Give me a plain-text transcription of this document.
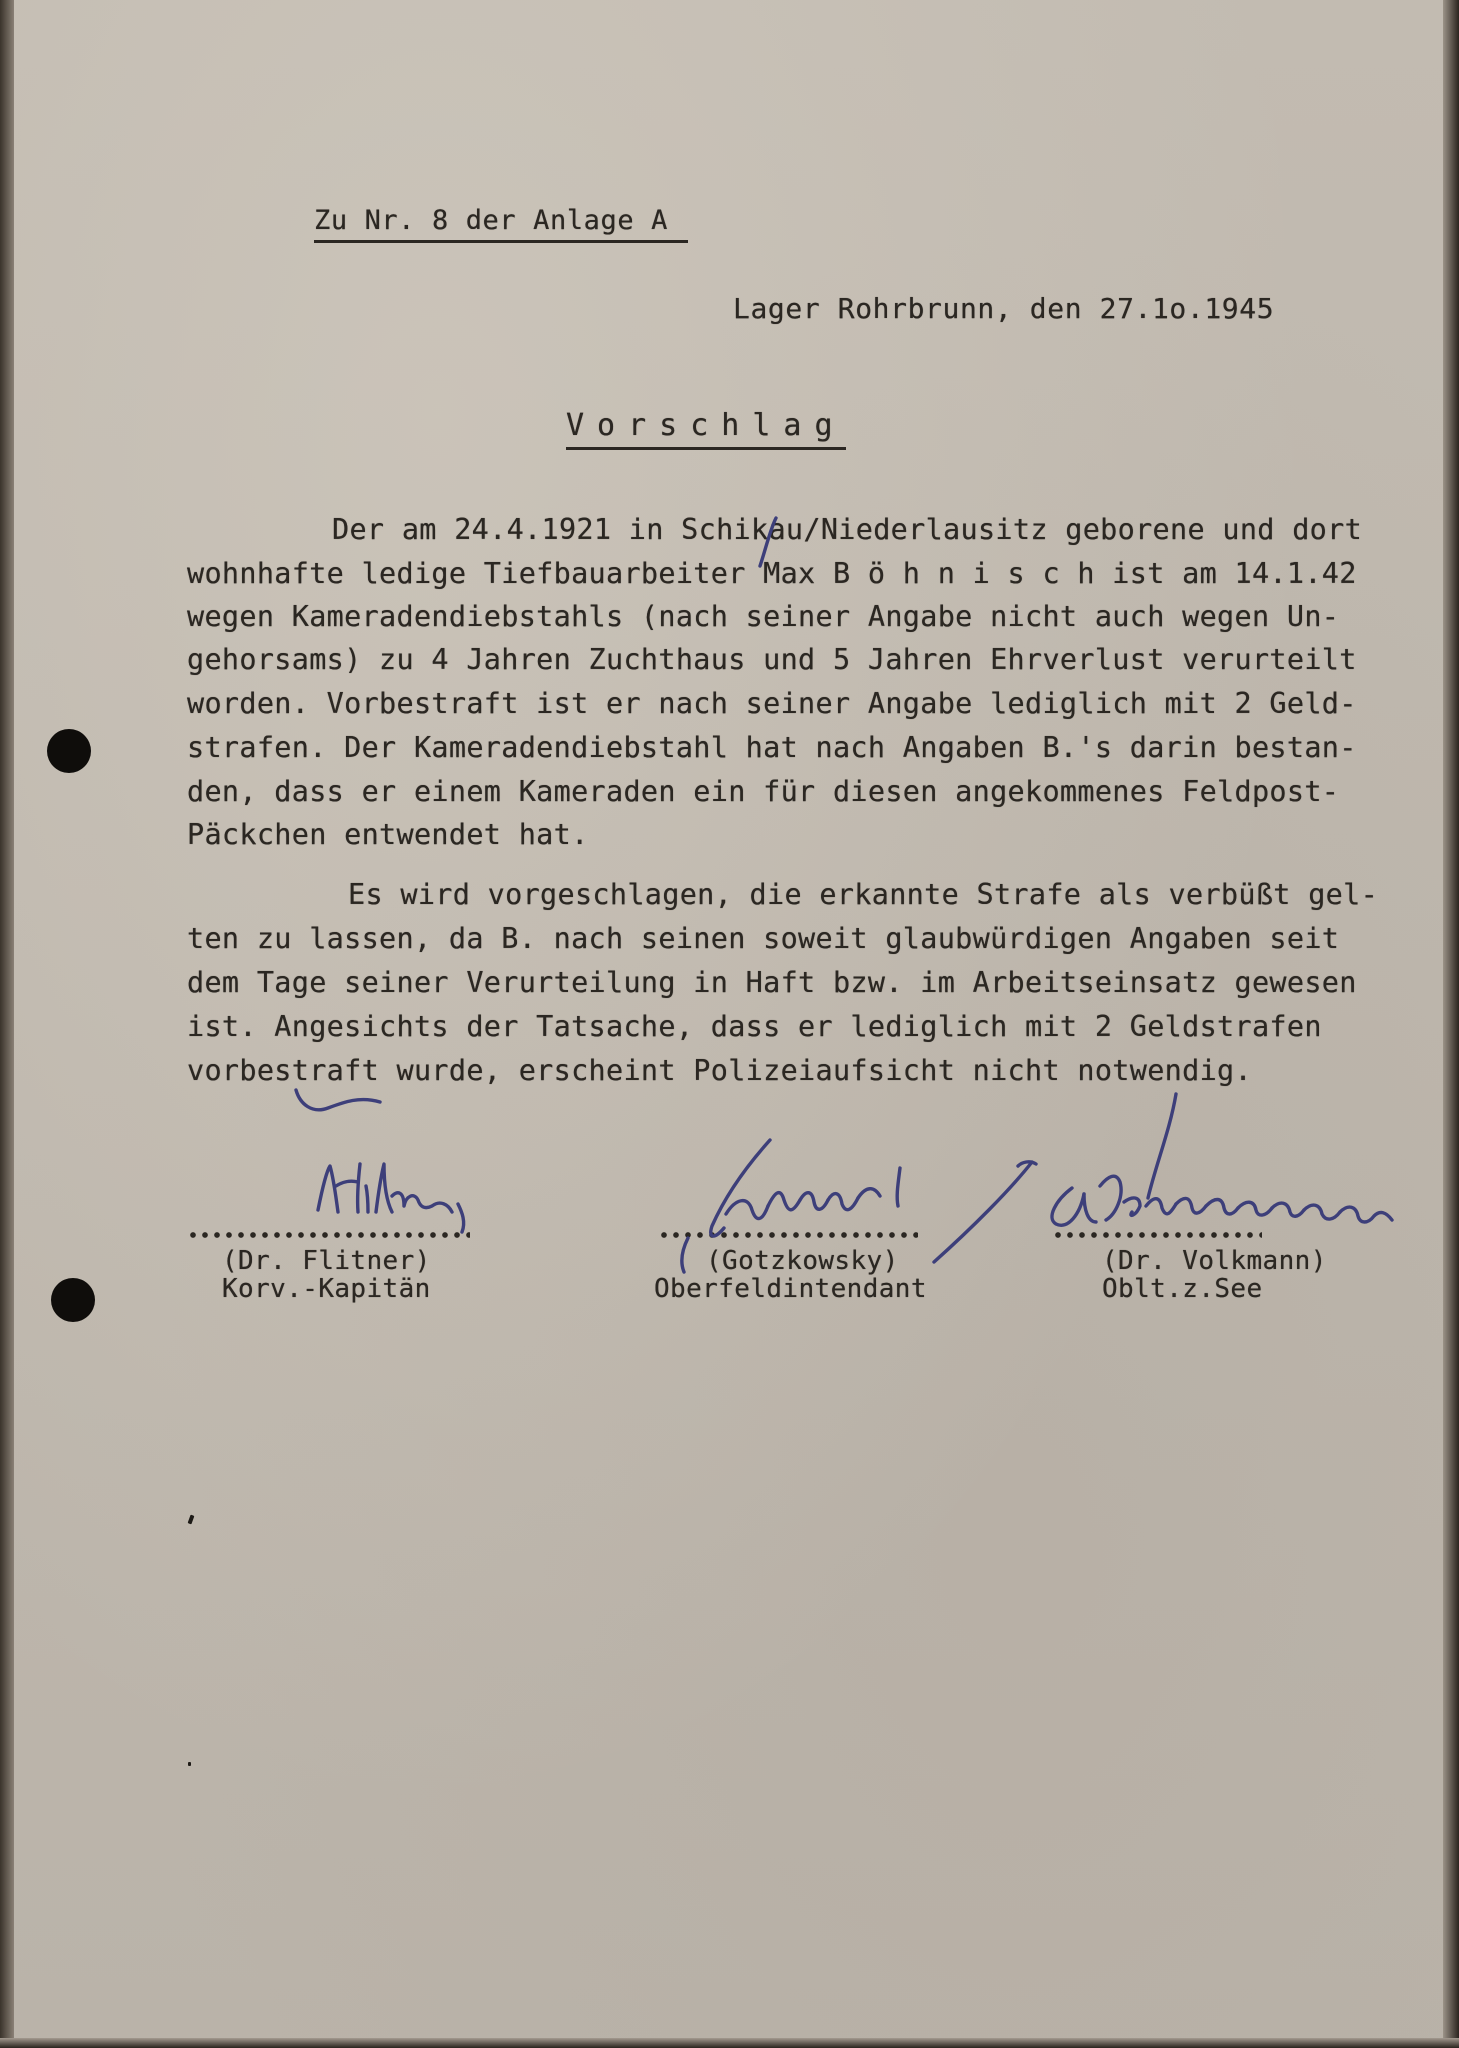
Zu Nr. 8 der Anlage A
Lager Rohrbrunn, den 27.1o.1945
Vorschlag
Der am 24.4.1921 in Schikau/Niederlausitz geborene und dort
wohnhafte ledige Tiefbauarbeiter Max B ö h n i s c h ist am 14.1.42
wegen Kameradendiebstahls (nach seiner Angabe nicht auch wegen Un-
gehorsams) zu 4 Jahren Zuchthaus und 5 Jahren Ehrverlust verurteilt
worden. Vorbestraft ist er nach seiner Angabe lediglich mit 2 Geld-
strafen. Der Kameradendiebstahl hat nach Angaben B.'s darin bestan-
den, dass er einem Kameraden ein für diesen angekommenes Feldpost-
Päckchen entwendet hat.
Es wird vorgeschlagen, die erkannte Strafe als verbüßt gel-
ten zu lassen, da B. nach seinen soweit glaubwürdigen Angaben seit
dem Tage seiner Verurteilung in Haft bzw. im Arbeitseinsatz gewesen
ist. Angesichts der Tatsache, dass er lediglich mit 2 Geldstrafen
vorbestraft wurde, erscheint Polizeiaufsicht nicht notwendig.
(Dr. Flitner)
Korv.-Kapitän
(Gotzkowsky)
Oberfeldintendant
(Dr. Volkmann)
Oblt.z.See
